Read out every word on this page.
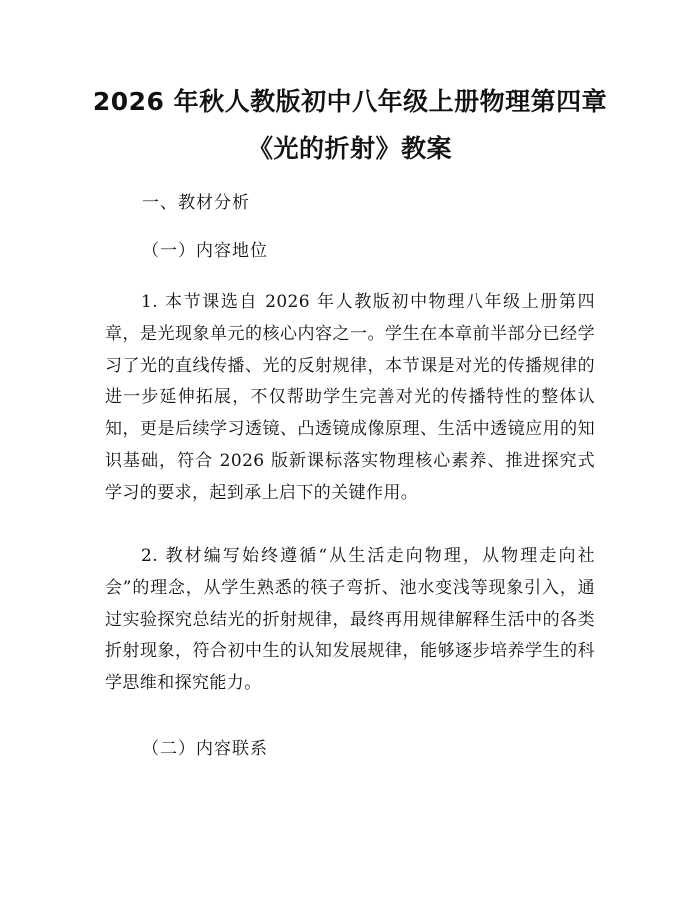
2026 年秋人教版初中八年级上册物理第四章
《光的折射》教案

一、教材分析

（一）内容地位

1. 本节课选自 2026 年人教版初中物理八年级上册第四章，是光现象单元的核心内容之一。学生在本章前半部分已经学习了光的直线传播、光的反射规律，本节课是对光的传播规律的进一步延伸拓展，不仅帮助学生完善对光的传播特性的整体认知，更是后续学习透镜、凸透镜成像原理、生活中透镜应用的知识基础，符合 2026 版新课标落实物理核心素养、推进探究式学习的要求，起到承上启下的关键作用。

2. 教材编写始终遵循“从生活走向物理，从物理走向社会”的理念，从学生熟悉的筷子弯折、池水变浅等现象引入，通过实验探究总结光的折射规律，最终再用规律解释生活中的各类折射现象，符合初中生的认知发展规律，能够逐步培养学生的科学思维和探究能力。

（二）内容联系
